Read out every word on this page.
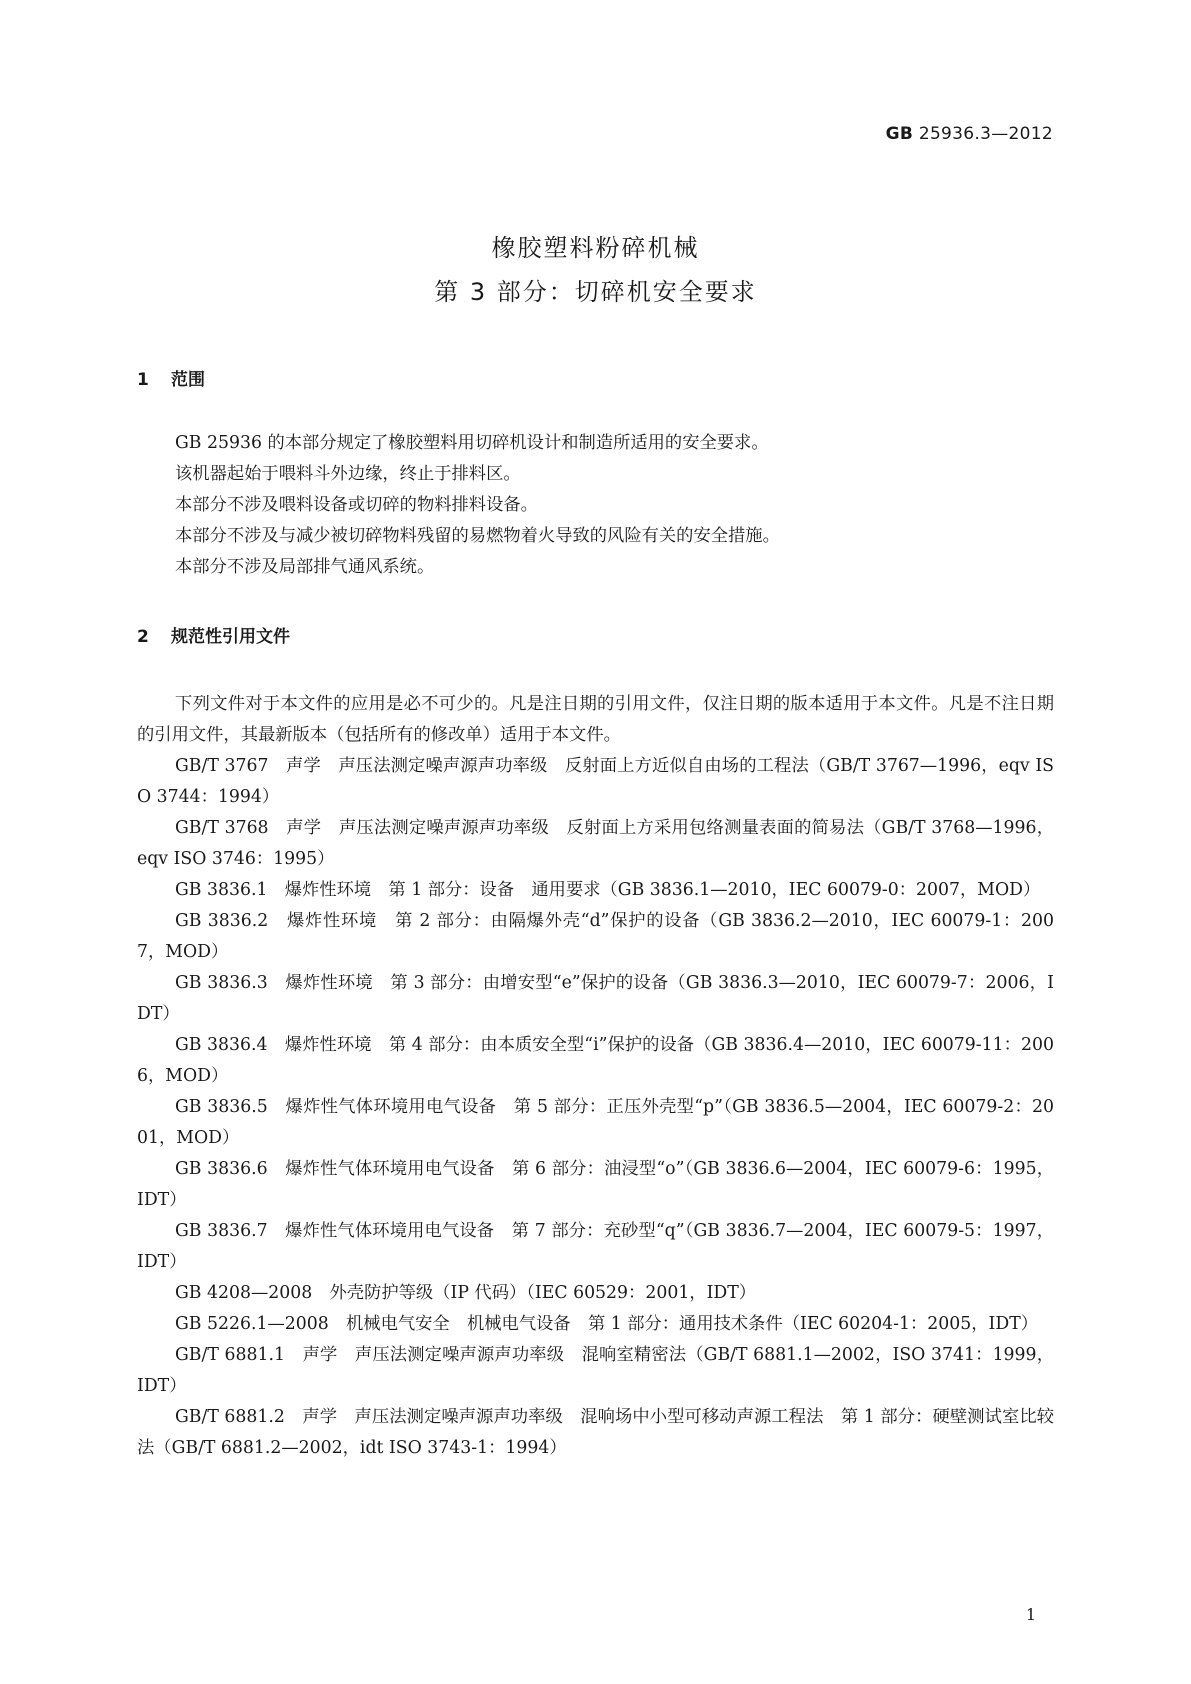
GB 25936.3—2012
橡胶塑料粉碎机械
第 3 部分：切碎机安全要求
1 范围

GB 25936 的本部分规定了橡胶塑料用切碎机设计和制造所适用的安全要求。

该机器起始于喂料斗外边缘，终止于排料区。

本部分不涉及喂料设备或切碎的物料排料设备。

本部分不涉及与减少被切碎物料残留的易燃物着火导致的风险有关的安全措施。

本部分不涉及局部排气通风系统。

2 规范性引用文件

下列文件对于本文件的应用是必不可少的。凡是注日期的引用文件，仅注日期的版本适用于本文件。凡是不注日期的引用文件，其最新版本（包括所有的修改单）适用于本文件。

GB/T 3767　声学　声压法测定噪声源声功率级　反射面上方近似自由场的工程法（GB/T 3767—1996，eqv ISO 3744：1994）

GB/T 3768　声学　声压法测定噪声源声功率级　反射面上方采用包络测量表面的简易法（GB/T 3768—1996，eqv ISO 3746：1995）

GB 3836.1　爆炸性环境　第 1 部分：设备　通用要求（GB 3836.1—2010，IEC 60079-0：2007，MOD）

GB 3836.2　爆炸性环境　第 2 部分：由隔爆外壳“d”保护的设备（GB 3836.2—2010，IEC 60079-1：2007，MOD）

GB 3836.3　爆炸性环境　第 3 部分：由增安型“e”保护的设备（GB 3836.3—2010，IEC 60079-7：2006，IDT）

GB 3836.4　爆炸性环境　第 4 部分：由本质安全型“i”保护的设备（GB 3836.4—2010，IEC 60079-11：2006，MOD）

GB 3836.5　爆炸性气体环境用电气设备　第 5 部分：正压外壳型“p”（GB 3836.5—2004，IEC 60079-2：2001，MOD）

GB 3836.6　爆炸性气体环境用电气设备　第 6 部分：油浸型“o”（GB 3836.6—2004，IEC 60079-6：1995，IDT）

GB 3836.7　爆炸性气体环境用电气设备　第 7 部分：充砂型“q”（GB 3836.7—2004，IEC 60079-5：1997，IDT）

GB 4208—2008　外壳防护等级（IP 代码）（IEC 60529：2001，IDT）

GB 5226.1—2008　机械电气安全　机械电气设备　第 1 部分：通用技术条件（IEC 60204-1：2005，IDT）

GB/T 6881.1　声学　声压法测定噪声源声功率级　混响室精密法（GB/T 6881.1—2002，ISO 3741：1999，IDT）

GB/T 6881.2　声学　声压法测定噪声源声功率级　混响场中小型可移动声源工程法　第 1 部分：硬壁测试室比较法（GB/T 6881.2—2002，idt ISO 3743-1：1994）

1
